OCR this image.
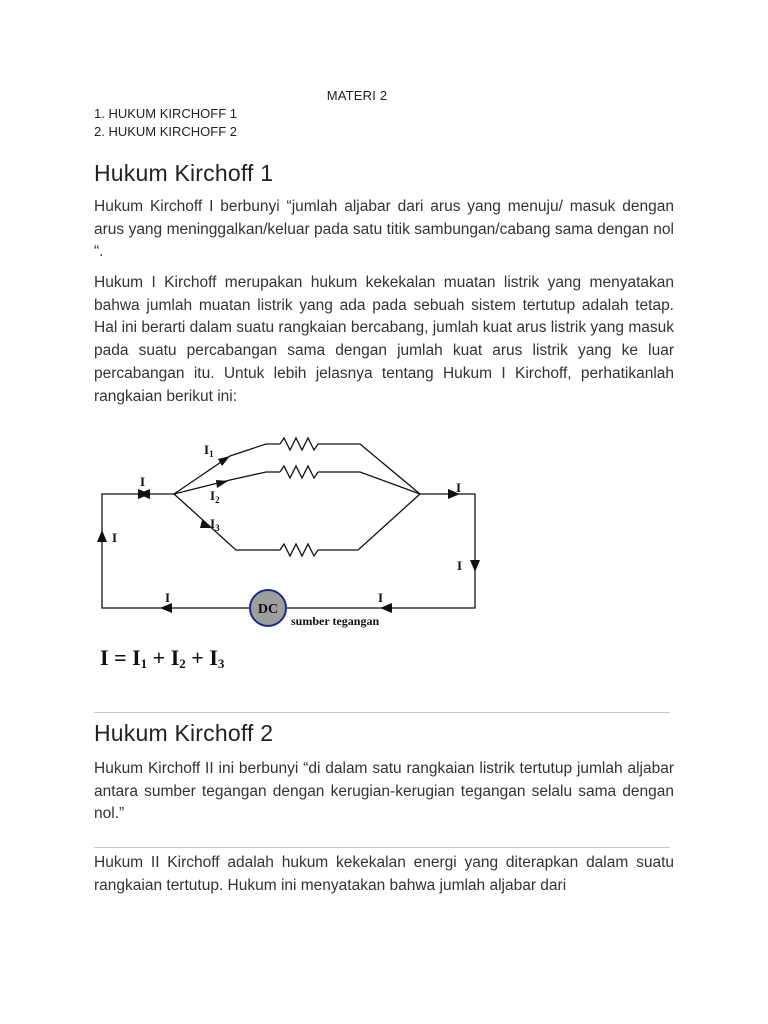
MATERI 2
1. HUKUM KIRCHOFF 1
2. HUKUM KIRCHOFF 2
Hukum Kirchoff 1
Hukum Kirchoff I berbunyi “jumlah aljabar dari arus yang menuju/ masuk dengan arus yang meninggalkan/keluar pada satu titik sambungan/cabang sama dengan nol “.
Hukum I Kirchoff merupakan hukum kekekalan muatan listrik yang menyatakan bahwa jumlah muatan listrik yang ada pada sebuah sistem tertutup adalah tetap. Hal ini berarti dalam suatu rangkaian bercabang, jumlah kuat arus listrik yang masuk pada suatu percabangan sama dengan jumlah kuat arus listrik yang ke luar percabangan itu. Untuk lebih jelasnya tentang Hukum I Kirchoff, perhatikanlah rangkaian berikut ini:
DC
sumber tegangan
I
I
I
I
I	I
$I_1$
$I_2$
$I_3$
$I = I_1 + I_2 + I_3$
Hukum Kirchoff 2
Hukum Kirchoff II ini berbunyi “di dalam satu rangkaian listrik tertutup jumlah aljabar antara sumber tegangan dengan kerugian-kerugian tegangan selalu sama dengan nol.”
Hukum II Kirchoff adalah hukum kekekalan energi yang diterapkan dalam suatu rangkaian tertutup. Hukum ini menyatakan bahwa jumlah aljabar dari
